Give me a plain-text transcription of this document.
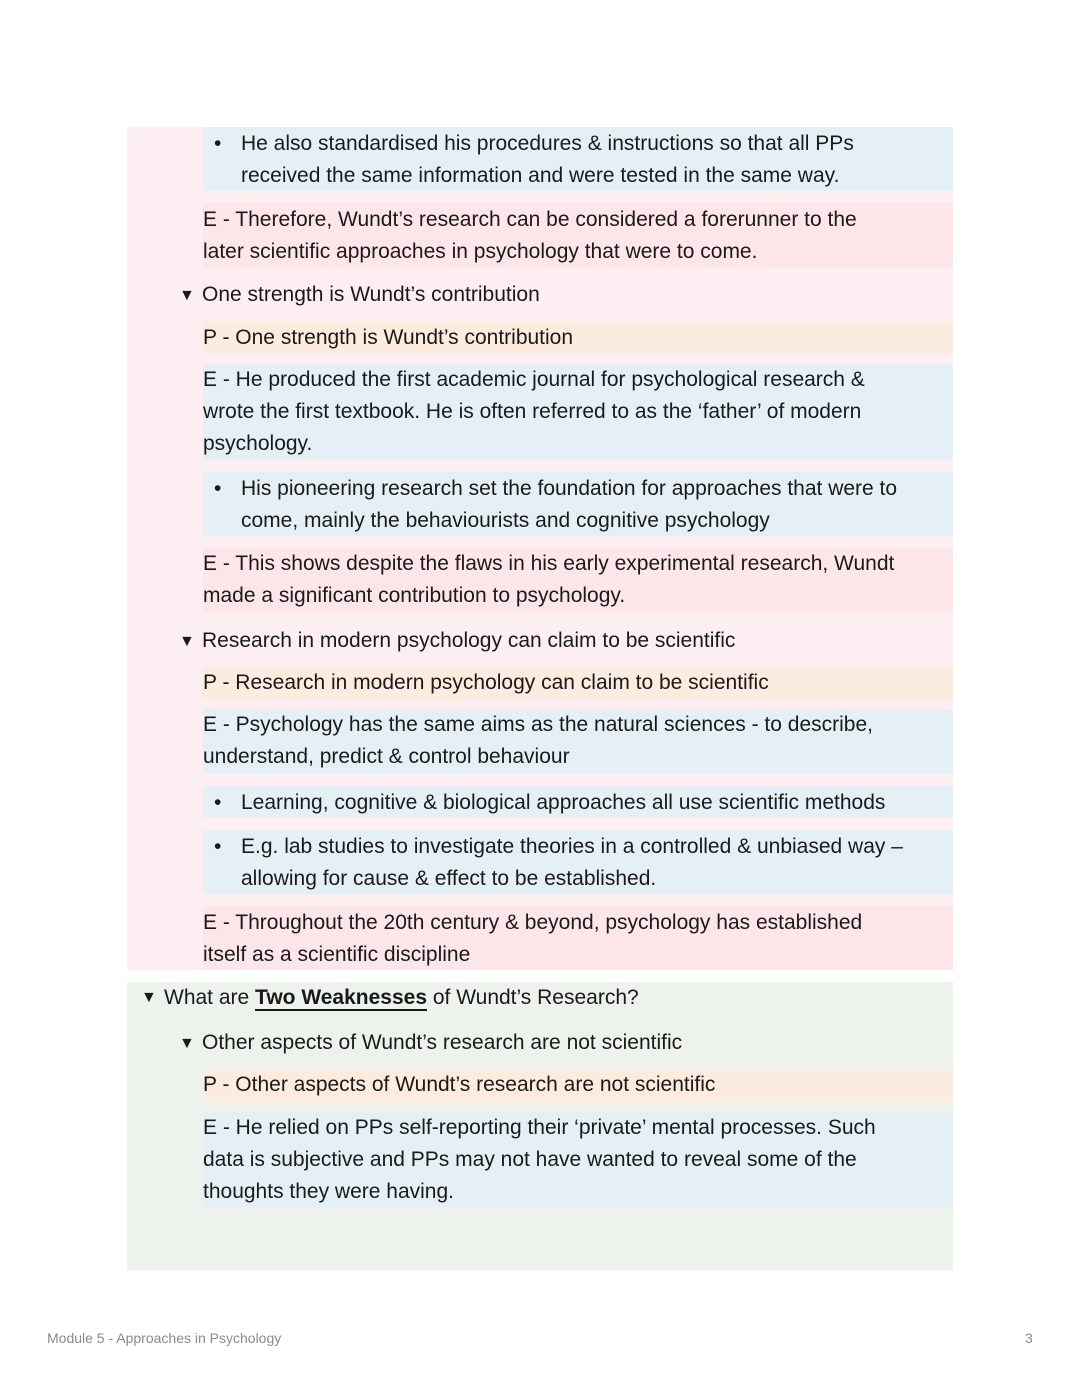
• He also standardised his procedures & instructions so that all PPs
received the same information and were tested in the same way.
E - Therefore, Wundt’s research can be considered a forerunner to the
later scientific approaches in psychology that were to come.
▼ One strength is Wundt’s contribution
P - One strength is Wundt’s contribution
E - He produced the first academic journal for psychological research &
wrote the first textbook. He is often referred to as the ‘father’ of modern
psychology.
• His pioneering research set the foundation for approaches that were to
come, mainly the behaviourists and cognitive psychology
E - This shows despite the flaws in his early experimental research, Wundt
made a significant contribution to psychology.
▼ Research in modern psychology can claim to be scientific
P - Research in modern psychology can claim to be scientific
E - Psychology has the same aims as the natural sciences - to describe,
understand, predict & control behaviour
• Learning, cognitive & biological approaches all use scientific methods
• E.g. lab studies to investigate theories in a controlled & unbiased way –
allowing for cause & effect to be established.
E - Throughout the 20th century & beyond, psychology has established
itself as a scientific discipline
▼ What are Two Weaknesses of Wundt’s Research?
▼ Other aspects of Wundt’s research are not scientific
P - Other aspects of Wundt’s research are not scientific
E - He relied on PPs self-reporting their ‘private’ mental processes. Such
data is subjective and PPs may not have wanted to reveal some of the
thoughts they were having.
Module 5 - Approaches in Psychology	3
